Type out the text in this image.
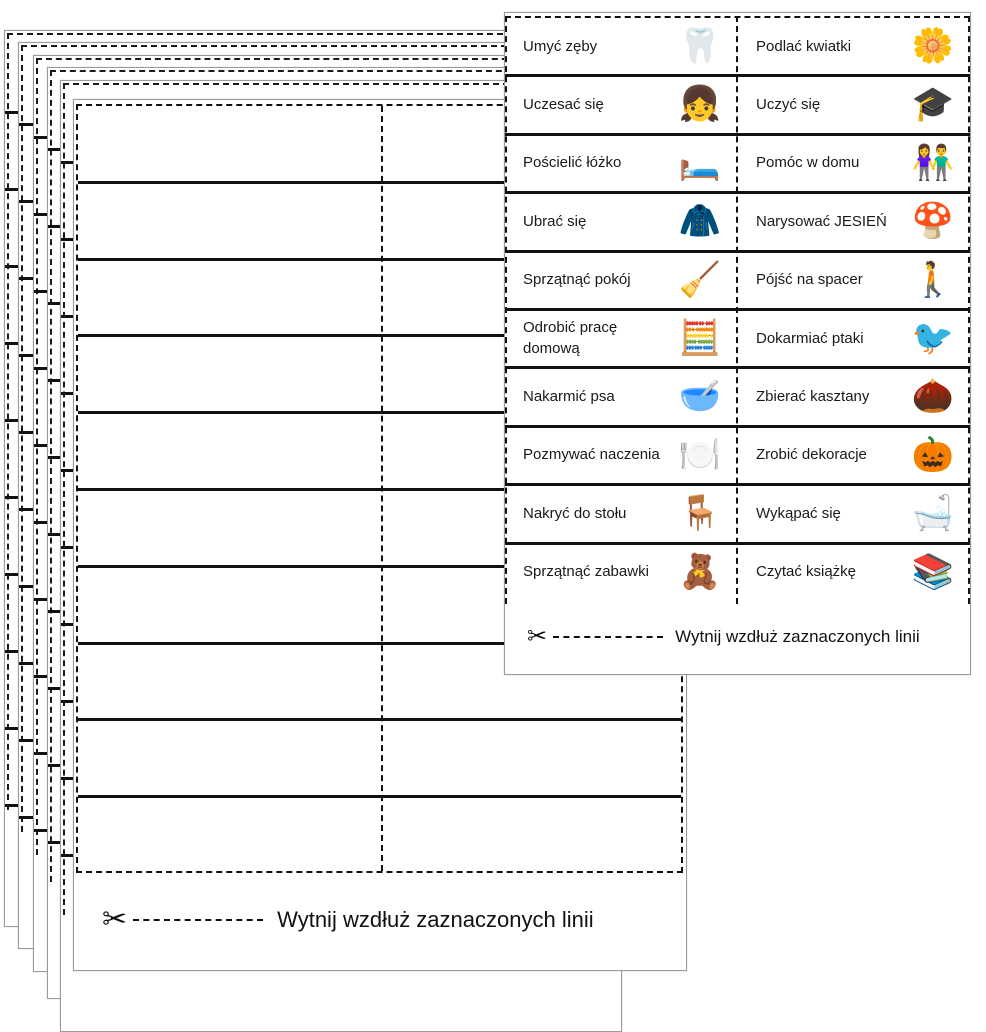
✂	Wytnij wzdłuż zaznaczonych linii
Umyć zęby 🦷	Podlać kwiatki 🌼
Uczesać się 👧	Uczyć się	🎓
Pościelić łóżko 🛏️	Pomóc w domu 👫
Ubrać się	🧥	Narysować JESIEŃ 🍄
Sprzątnąć pokój 🧹	Pójść na spacer 🚶
Odrobić pracę domową	🧮	Dokarmiać ptaki 🐦
Nakarmić psa 🥣	Zbierać kasztany 🌰
Pozmywać naczenia 🍽️	Zrobić dekoracje 🎃
Nakryć do stołu 🪑	Wykąpać się 🛁
Sprzątnąć zabawki 🧸	Czytać książkę 📚
✂	Wytnij wzdłuż zaznaczonych linii
